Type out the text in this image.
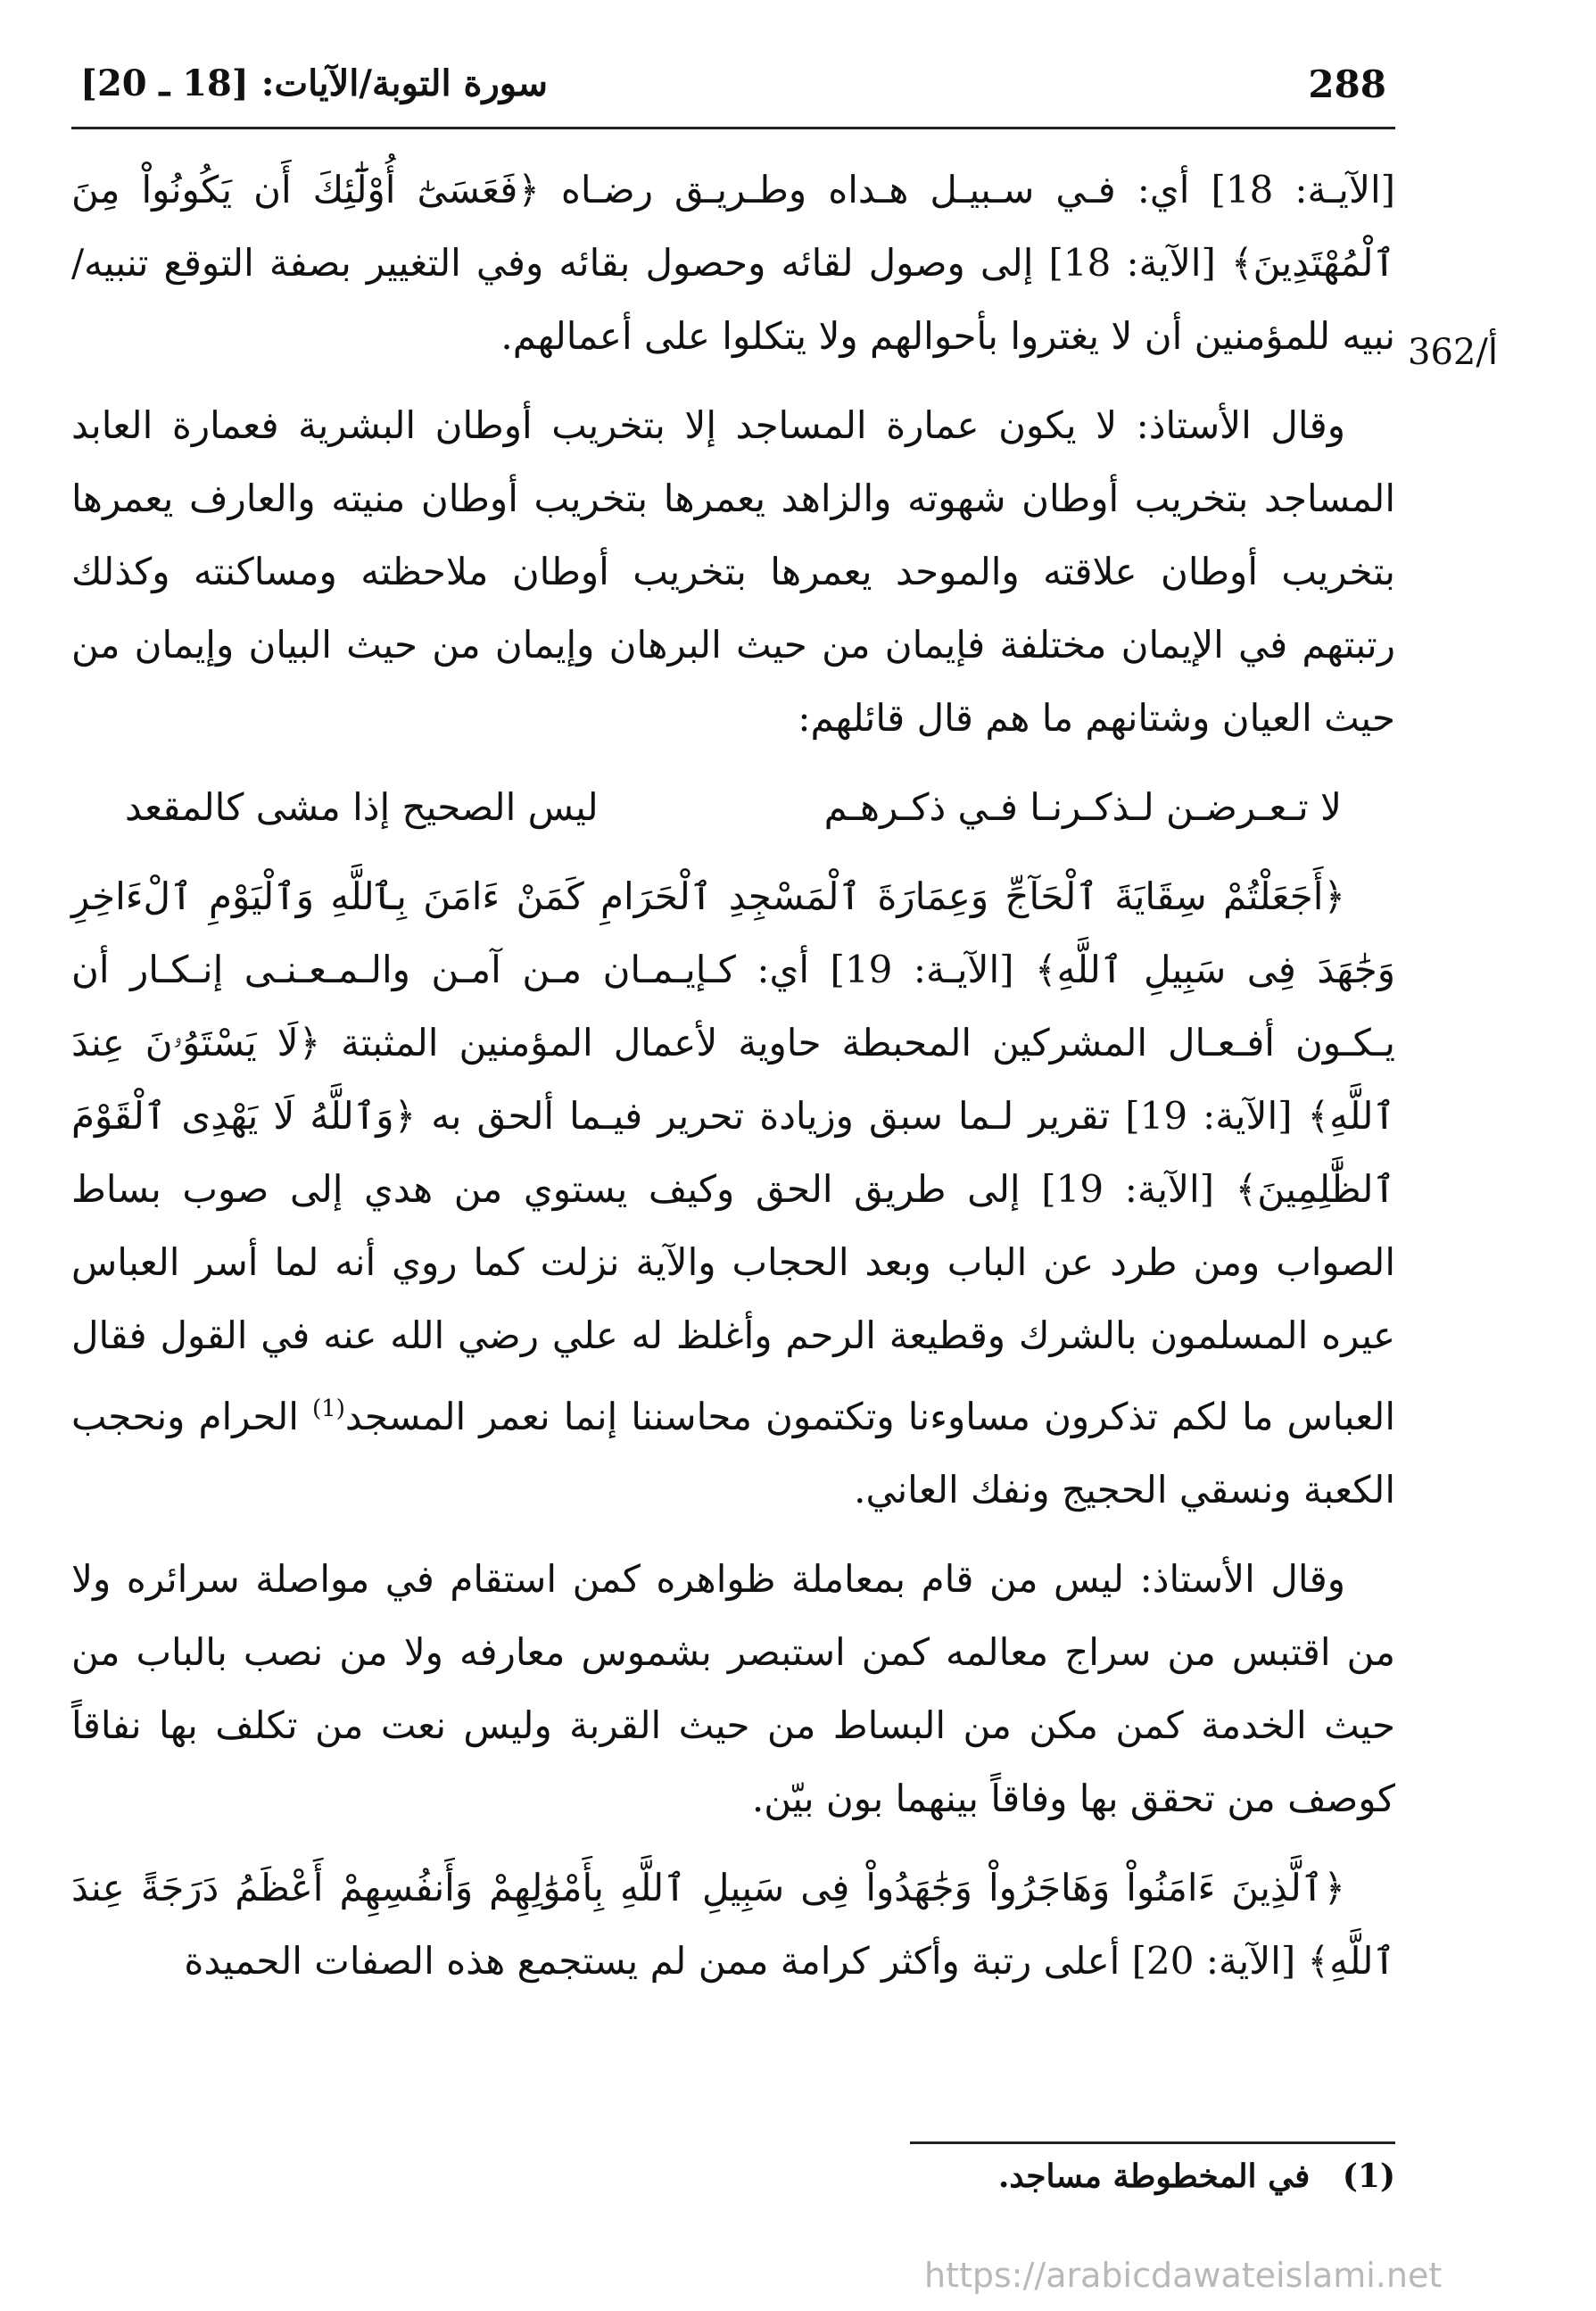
288
سورة التوبة/الآيات: [18 ـ 20]
362/أ

[الآيـة: 18] أي: فـي سـبيـل هـداه وطـريـق رضـاه ﴿فَعَسَىٰٓ أُوْلَٰٓئِكَ أَن يَكُونُواْ مِنَ ٱلْمُهْتَدِينَ﴾ [الآية: 18] إلى وصول لقائه وحصول بقائه وفي التغيير بصفة التوقع تنبيه/نبيه للمؤمنين أن لا يغتروا بأحوالهم ولا يتكلوا على أعمالهم.

وقال الأستاذ: لا يكون عمارة المساجد إلا بتخريب أوطان البشرية فعمارة العابد المساجد بتخريب أوطان شهوته والزاهد يعمرها بتخريب أوطان منيته والعارف يعمرها بتخريب أوطان علاقته والموحد يعمرها بتخريب أوطان ملاحظته ومساكنته وكذلك رتبتهم في الإيمان مختلفة فإيمان من حيث البرهان وإيمان من حيث البيان وإيمان من حيث العيان وشتانهم ما هم قال قائلهم:

لا تـعـرضـن لـذكـرنـا فـي ذكـرهـم
ليس الصحيح إذا مشى كالمقعد

﴿أَجَعَلْتُمْ سِقَايَةَ ٱلْحَآجِّ وَعِمَارَةَ ٱلْمَسْجِدِ ٱلْحَرَامِ كَمَنْ ءَامَنَ بِٱللَّهِ وَٱلْيَوْمِ ٱلْءَاخِرِ وَجَٰهَدَ فِى سَبِيلِ ٱللَّهِ﴾ [الآيـة: 19] أي: كـإيـمـان مـن آمـن والـمـعـنـى إنـكـار أن يـكـون أفـعـال المشركين المحبطة حاوية لأعمال المؤمنين المثبتة ﴿لَا يَسْتَوُۥنَ عِندَ ٱللَّهِ﴾ [الآية: 19] تقرير لـما سبق وزيادة تحرير فيـما ألحق به ﴿وَٱللَّهُ لَا يَهْدِى ٱلْقَوْمَ ٱلظَّٰلِمِينَ﴾ [الآية: 19] إلى طريق الحق وكيف يستوي من هدي إلى صوب بساط الصواب ومن طرد عن الباب وبعد الحجاب والآية نزلت كما روي أنه لما أسر العباس عيره المسلمون بالشرك وقطيعة الرحم وأغلظ له علي رضي الله عنه في القول فقال العباس ما لكم تذكرون مساوءنا وتكتمون محاسننا إنما نعمر المسجد$^{(1)}$ الحرام ونحجب الكعبة ونسقي الحجيج ونفك العاني.

وقال الأستاذ: ليس من قام بمعاملة ظواهره كمن استقام في مواصلة سرائره ولا من اقتبس من سراج معالمه كمن استبصر بشموس معارفه ولا من نصب بالباب من حيث الخدمة كمن مكن من البساط من حيث القربة وليس نعت من تكلف بها نفاقاً كوصف من تحقق بها وفاقاً بينهما بون بيّن.

﴿ٱلَّذِينَ ءَامَنُواْ وَهَاجَرُواْ وَجَٰهَدُواْ فِى سَبِيلِ ٱللَّهِ بِأَمْوَٰلِهِمْ وَأَنفُسِهِمْ أَعْظَمُ دَرَجَةً عِندَ ٱللَّهِ﴾ [الآية: 20] أعلى رتبة وأكثر كرامة ممن لم يستجمع هذه الصفات الحميدة

(1) في المخطوطة مساجد.
https://arabicdawateislami.net
